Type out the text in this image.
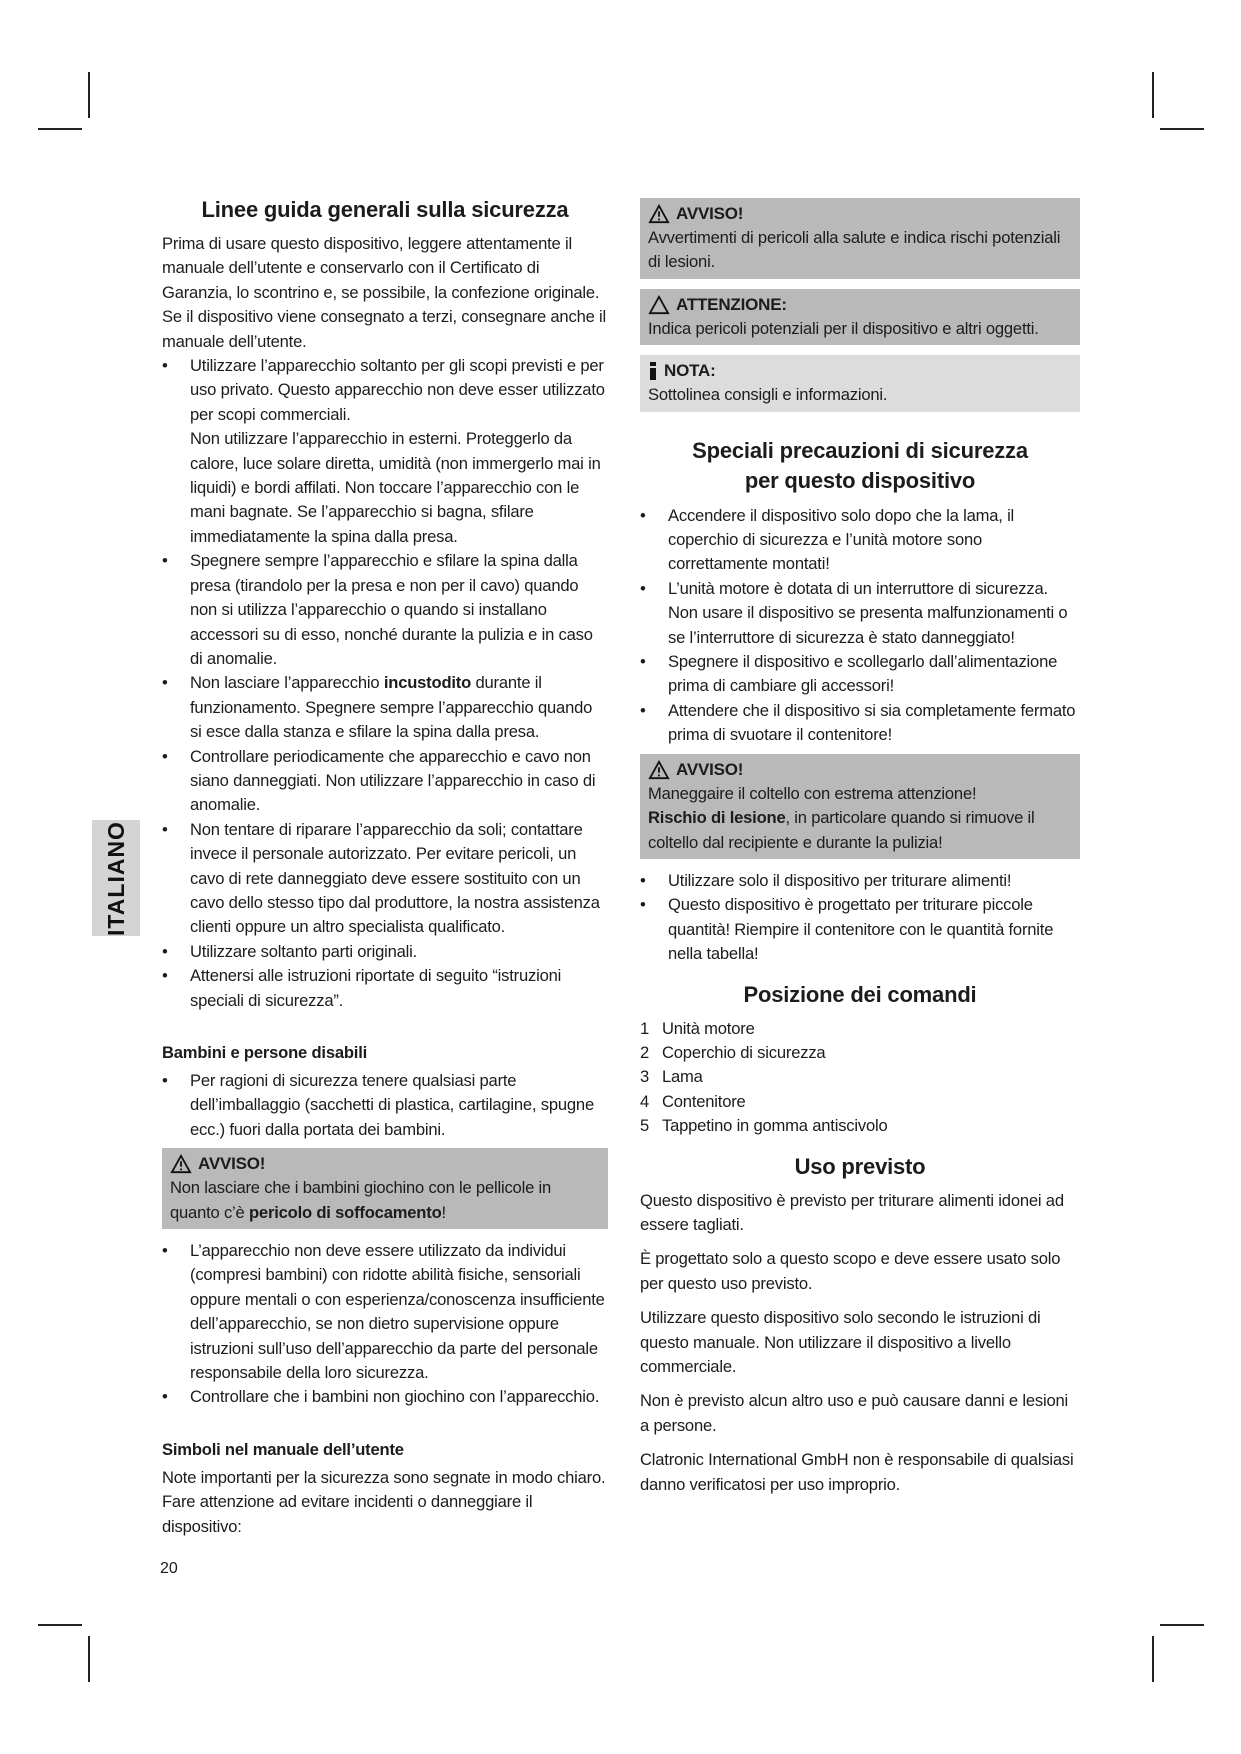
ITALIANO
Linee guida generali sulla sicurezza

Prima di usare questo dispositivo, leggere attentamente il manuale dell’utente e conservarlo con il Certificato di Garanzia, lo scontrino e, se possibile, la confezione originale. Se il dispositivo viene consegnato a terzi, consegnare anche il manuale dell’utente.

• Utilizzare l’apparecchio soltanto per gli scopi previsti e per uso privato. Questo apparecchio non deve esser utilizzato per scopi commerciali.
Non utilizzare l’apparecchio in esterni. Proteggerlo da calore, luce solare diretta, umidità (non immergerlo mai in liquidi) e bordi affilati. Non toccare l’apparecchio con le mani bagnate. Se l’apparecchio si bagna, sfilare immediatamente la spina dalla presa.
• Spegnere sempre l’apparecchio e sfilare la spina dalla presa (tirandolo per la presa e non per il cavo) quando non si utilizza l’apparecchio o quando si installano accessori su di esso, nonché durante la pulizia e in caso di anomalie.
• Non lasciare l’apparecchio incustodito durante il funzionamento. Spegnere sempre l’apparecchio quando si esce dalla stanza e sfilare la spina dalla presa.
• Controllare periodicamente che apparecchio e cavo non siano danneggiati. Non utilizzare l’apparecchio in caso di anomalie.
• Non tentare di riparare l’apparecchio da soli; contattare invece il personale autorizzato. Per evitare pericoli, un cavo di rete danneggiato deve essere sostituito con un cavo dello stesso tipo dal produttore, la nostra assistenza clienti oppure un altro specialista qualificato.
• Utilizzare soltanto parti originali.
• Attenersi alle istruzioni riportate di seguito “istruzioni speciali di sicurezza”.
Bambini e persone disabili
• Per ragioni di sicurezza tenere qualsiasi parte dell’imballaggio (sacchetti di plastica, cartilagine, spugne ecc.) fuori dalla portata dei bambini.
AVVISO!
Non lasciare che i bambini giochino con le pellicole in quanto c’è pericolo di soffocamento!
• L’apparecchio non deve essere utilizzato da individui (compresi bambini) con ridotte abilità fisiche, sensoriali oppure mentali o con esperienza/conoscenza insufficiente dell’apparecchio, se non dietro supervisione oppure istruzioni sull’uso dell’apparecchio da parte del personale responsabile della loro sicurezza.
• Controllare che i bambini non giochino con l’apparecchio.
Simboli nel manuale dell’utente

Note importanti per la sicurezza sono segnate in modo chiaro. Fare attenzione ad evitare incidenti o danneggiare il dispositivo:

AVVISO!
Avvertimenti di pericoli alla salute e indica rischi potenziali di lesioni.
ATTENZIONE:
Indica pericoli potenziali per il dispositivo e altri oggetti.
NOTA:
Sottolinea consigli e informazioni.
Speciali precauzioni di sicurezza
per questo dispositivo
• Accendere il dispositivo solo dopo che la lama, il coperchio di sicurezza e l’unità motore sono correttamente montati!
• L’unità motore è dotata di un interruttore di sicurezza. Non usare il dispositivo se presenta malfunzionamenti o se l’interruttore di sicurezza è stato danneggiato!
• Spegnere il dispositivo e scollegarlo dall’alimentazione prima di cambiare gli accessori!
• Attendere che il dispositivo si sia completamente fermato prima di svuotare il contenitore!
AVVISO!
Maneggaire il coltello con estrema attenzione!
Rischio di lesione, in particolare quando si rimuove il coltello dal recipiente e durante la pulizia!
• Utilizzare solo il dispositivo per triturare alimenti!
• Questo dispositivo è progettato per triturare piccole quantità! Riempire il contenitore con le quantità fornite nella tabella!
Posizione dei comandi
1 Unità motore
2 Coperchio di sicurezza
3 Lama
4 Contenitore
5 Tappetino in gomma antiscivolo
Uso previsto

Questo dispositivo è previsto per triturare alimenti idonei ad essere tagliati.

È progettato solo a questo scopo e deve essere usato solo per questo uso previsto.

Utilizzare questo dispositivo solo secondo le istruzioni di questo manuale. Non utilizzare il dispositivo a livello commerciale.

Non è previsto alcun altro uso e può causare danni e lesioni a persone.

Clatronic International GmbH non è responsabile di qualsiasi danno verificatosi per uso improprio.

20
